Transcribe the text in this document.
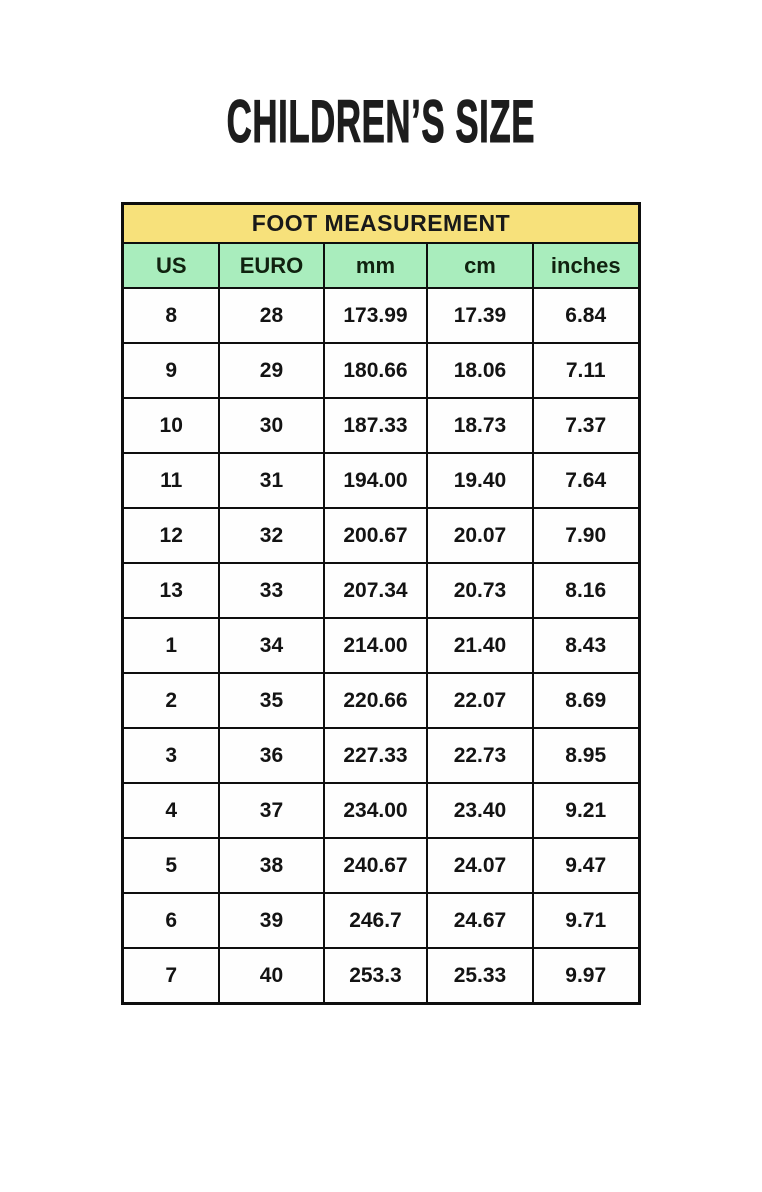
CHILDREN’S SIZE
FOOT MEASUREMENT				
US	EURO	mm	cm	inches
8	28	173.99	17.39	6.84
9	29	180.66	18.06	7.11
10	30	187.33	18.73	7.37
11	31	194.00	19.40	7.64
12	32	200.67	20.07	7.90
13	33	207.34	20.73	8.16
1	34	214.00	21.40	8.43
2	35	220.66	22.07	8.69
3	36	227.33	22.73	8.95
4	37	234.00	23.40	9.21
5	38	240.67	24.07	9.47
6	39	246.7	24.67	9.71
7	40	253.3	25.33	9.97
